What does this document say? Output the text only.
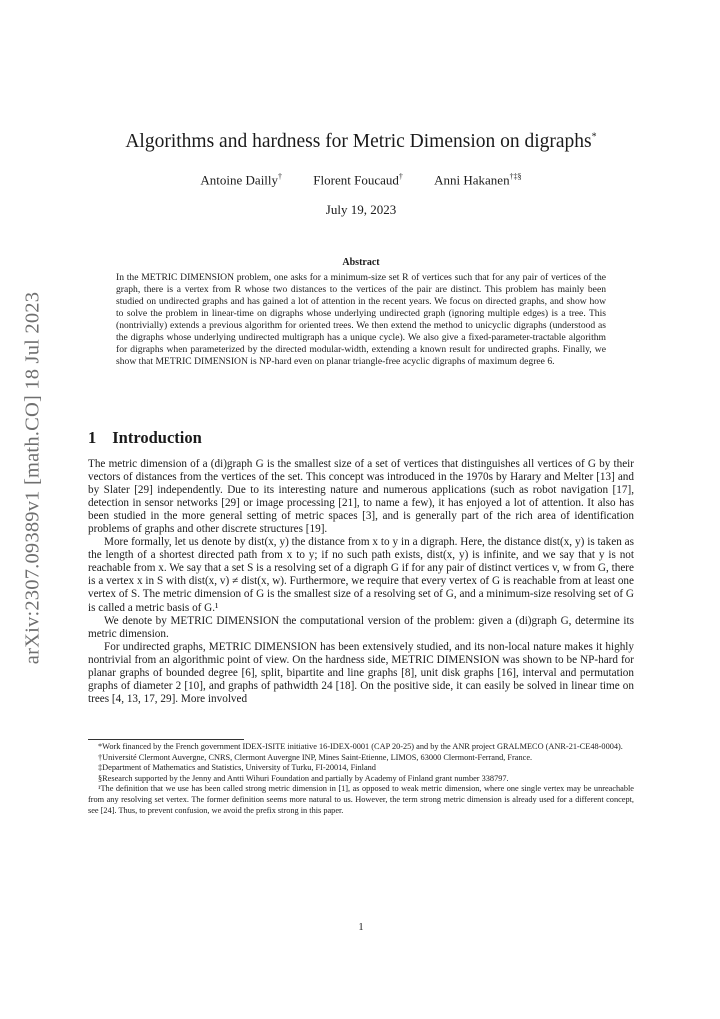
arXiv:2307.09389v1 [math.CO] 18 Jul 2023
Algorithms and hardness for Metric Dimension on digraphs*
Antoine Dailly† Florent Foucaud† Anni Hakanen†‡§
July 19, 2023
Abstract
In the METRIC DIMENSION problem, one asks for a minimum-size set R of vertices such that for any pair of vertices of the graph, there is a vertex from R whose two distances to the vertices of the pair are distinct. This problem has mainly been studied on undirected graphs and has gained a lot of attention in the recent years. We focus on directed graphs, and show how to solve the problem in linear-time on digraphs whose underlying undirected graph (ignoring multiple edges) is a tree. This (nontrivially) extends a previous algorithm for oriented trees. We then extend the method to unicyclic digraphs (understood as the digraphs whose underlying undirected multigraph has a unique cycle). We also give a fixed-parameter-tractable algorithm for digraphs when parameterized by the directed modular-width, extending a known result for undirected graphs. Finally, we show that METRIC DIMENSION is NP-hard even on planar triangle-free acyclic digraphs of maximum degree 6.
1 Introduction

The metric dimension of a (di)graph G is the smallest size of a set of vertices that distinguishes all vertices of G by their vectors of distances from the vertices of the set. This concept was introduced in the 1970s by Harary and Melter [13] and by Slater [29] independently. Due to its interesting nature and numerous applications (such as robot navigation [17], detection in sensor networks [29] or image processing [21], to name a few), it has enjoyed a lot of attention. It also has been studied in the more general setting of metric spaces [3], and is generally part of the rich area of identification problems of graphs and other discrete structures [19].

More formally, let us denote by dist(x, y) the distance from x to y in a digraph. Here, the distance dist(x, y) is taken as the length of a shortest directed path from x to y; if no such path exists, dist(x, y) is infinite, and we say that y is not reachable from x. We say that a set S is a resolving set of a digraph G if for any pair of distinct vertices v, w from G, there is a vertex x in S with dist(x, v) ≠ dist(x, w). Furthermore, we require that every vertex of G is reachable from at least one vertex of S. The metric dimension of G is the smallest size of a resolving set of G, and a minimum-size resolving set of G is called a metric basis of G.¹

We denote by METRIC DIMENSION the computational version of the problem: given a (di)graph G, determine its metric dimension.

For undirected graphs, METRIC DIMENSION has been extensively studied, and its non-local nature makes it highly nontrivial from an algorithmic point of view. On the hardness side, METRIC DIMENSION was shown to be NP-hard for planar graphs of bounded degree [6], split, bipartite and line graphs [8], unit disk graphs [16], interval and permutation graphs of diameter 2 [10], and graphs of pathwidth 24 [18]. On the positive side, it can easily be solved in linear time on trees [4, 13, 17, 29]. More involved

*Work financed by the French government IDEX-ISITE initiative 16-IDEX-0001 (CAP 20-25) and by the ANR project GRALMECO (ANR-21-CE48-0004).

†Université Clermont Auvergne, CNRS, Clermont Auvergne INP, Mines Saint-Etienne, LIMOS, 63000 Clermont-Ferrand, France.

‡Department of Mathematics and Statistics, University of Turku, FI-20014, Finland

§Research supported by the Jenny and Antti Wihuri Foundation and partially by Academy of Finland grant number 338797.

¹The definition that we use has been called strong metric dimension in [1], as opposed to weak metric dimension, where one single vertex may be unreachable from any resolving set vertex. The former definition seems more natural to us. However, the term strong metric dimension is already used for a different concept, see [24]. Thus, to prevent confusion, we avoid the prefix strong in this paper.

1
